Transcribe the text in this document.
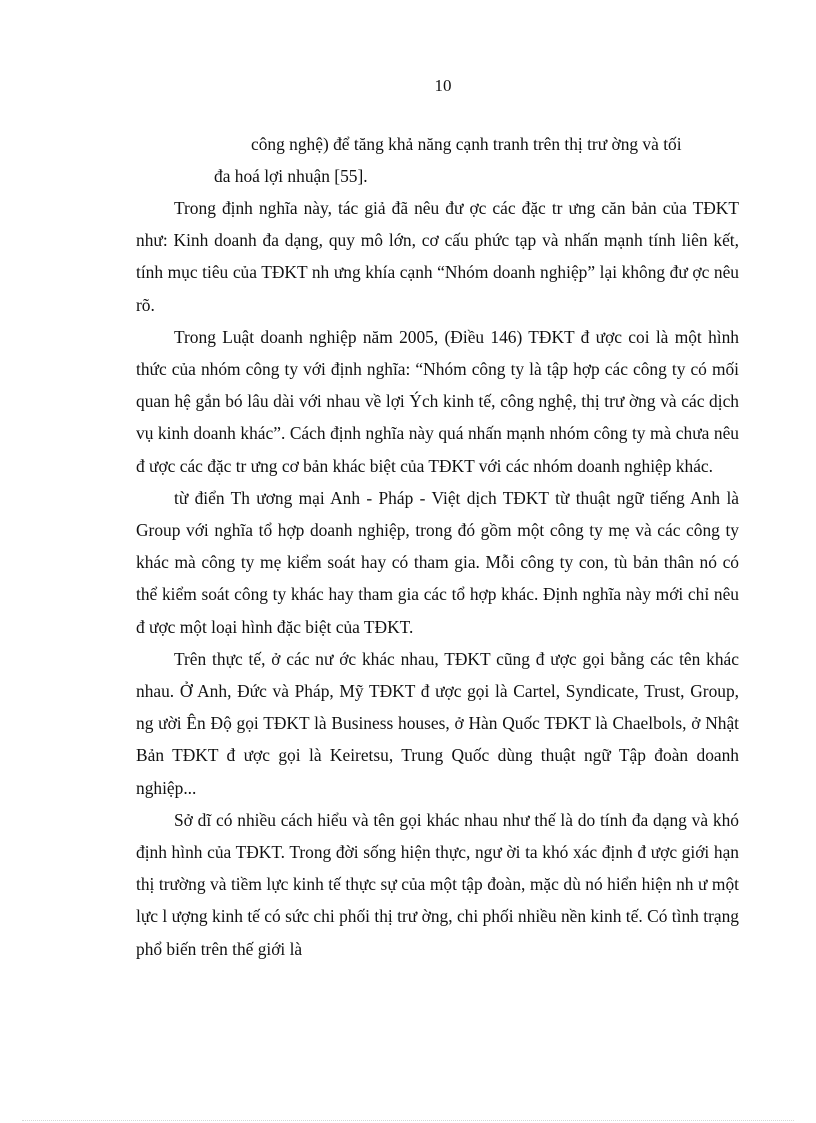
10

công nghệ) để tăng khả năng cạnh tranh trên thị trư ờng và tối

đa hoá lợi nhuận [55].

Trong định nghĩa này, tác giả đã nêu đư ợc các đặc tr ưng căn bản của TĐKT như: Kinh doanh đa dạng, quy mô lớn, cơ cấu phức tạp và nhấn mạnh tính liên kết, tính mục tiêu của TĐKT nh ưng khía cạnh “Nhóm doanh nghiệp” lại không đư ợc nêu rõ.

Trong Luật doanh nghiệp năm 2005, (Điều 146) TĐKT đ ược coi là một hình thức của nhóm công ty với định nghĩa: “Nhóm công ty là tập hợp các công ty có mối quan hệ gắn bó lâu dài với nhau về lợi Ých kinh tế, công nghệ, thị trư ờng và các dịch vụ kinh doanh khác”. Cách định nghĩa này quá nhấn mạnh nhóm công ty mà chưa nêu đ ược các đặc tr ưng cơ bản khác biệt của TĐKT với các nhóm doanh nghiệp khác.

từ điển Th ương mại Anh - Pháp - Việt dịch TĐKT từ thuật ngữ tiếng Anh là Group với nghĩa tổ hợp doanh nghiệp, trong đó gồm một công ty mẹ và các công ty khác mà công ty mẹ kiểm soát hay có tham gia. Mỗi công ty con, tù bản thân nó có thể kiểm soát công ty khác hay tham gia các tổ hợp khác. Định nghĩa này mới chỉ nêu đ ược một loại hình đặc biệt của TĐKT.

Trên thực tế, ở các nư ớc khác nhau, TĐKT cũng đ ược gọi bằng các tên khác nhau. Ở Anh, Đức và Pháp, Mỹ TĐKT đ ược gọi là Cartel, Syndicate, Trust, Group, ng ười Ên Độ gọi TĐKT là Business houses, ở Hàn Quốc TĐKT là Chaelbols, ở Nhật Bản TĐKT đ ược gọi là Keiretsu, Trung Quốc dùng thuật ngữ Tập đoàn doanh nghiệp...

Sở dĩ có nhiều cách hiểu và tên gọi khác nhau như thế là do tính đa dạng và khó định hình của TĐKT. Trong đời sống hiện thực, ngư ời ta khó xác định đ ược giới hạn thị trường và tiềm lực kinh tế thực sự của một tập đoàn, mặc dù nó hiển hiện nh ư một lực l ượng kinh tế có sức chi phối thị trư ờng, chi phối nhiều nền kinh tế. Có tình trạng phổ biến trên thế giới là
